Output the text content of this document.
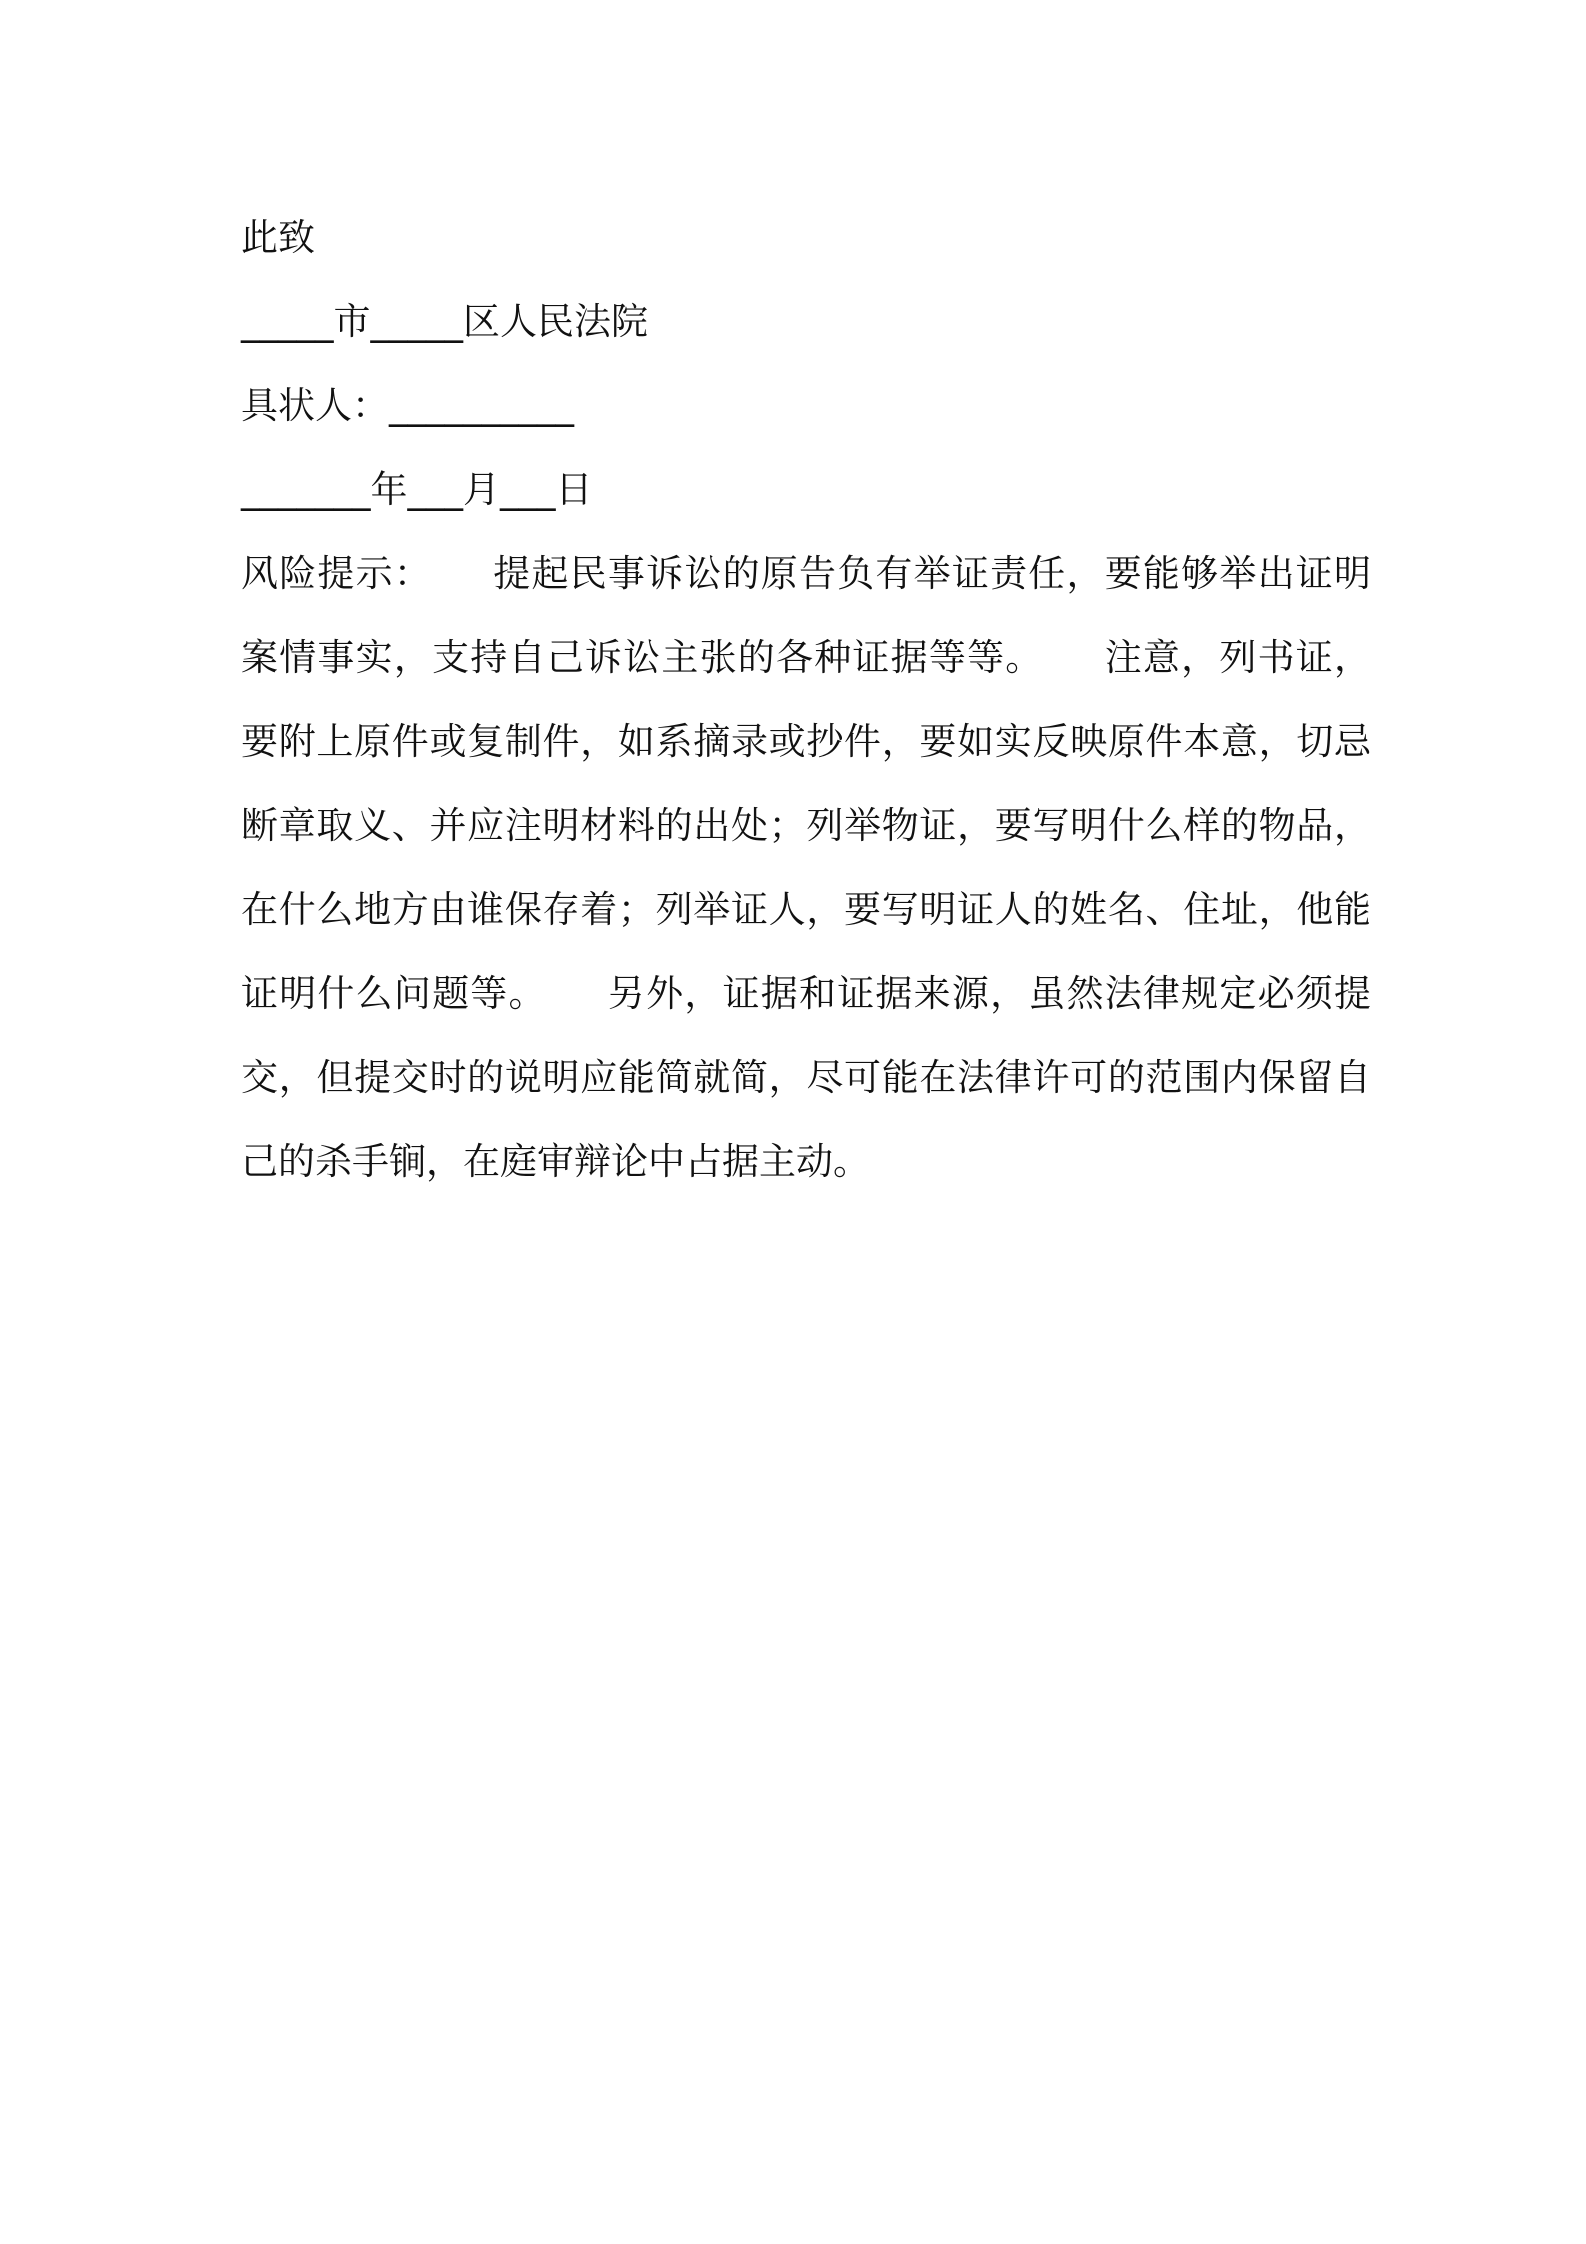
此致
_____市_____区人民法院
具状人：__________
_______年___月___日
风险提示： 提起民事诉讼的原告负有举证责任，要能够举出证明案情事实，支持自己诉讼主张的各种证据等等。 注意，列书证，要附上原件或复制件，如系摘录或抄件，要如实反映原件本意，切忌断章取义、并应注明材料的出处；列举物证，要写明什么样的物品，在什么地方由谁保存着；列举证人，要写明证人的姓名、住址，他能证明什么问题等。 另外，证据和证据来源，虽然法律规定必须提交，但提交时的说明应能简就简，尽可能在法律许可的范围内保留自己的杀手锏，在庭审辩论中占据主动。
